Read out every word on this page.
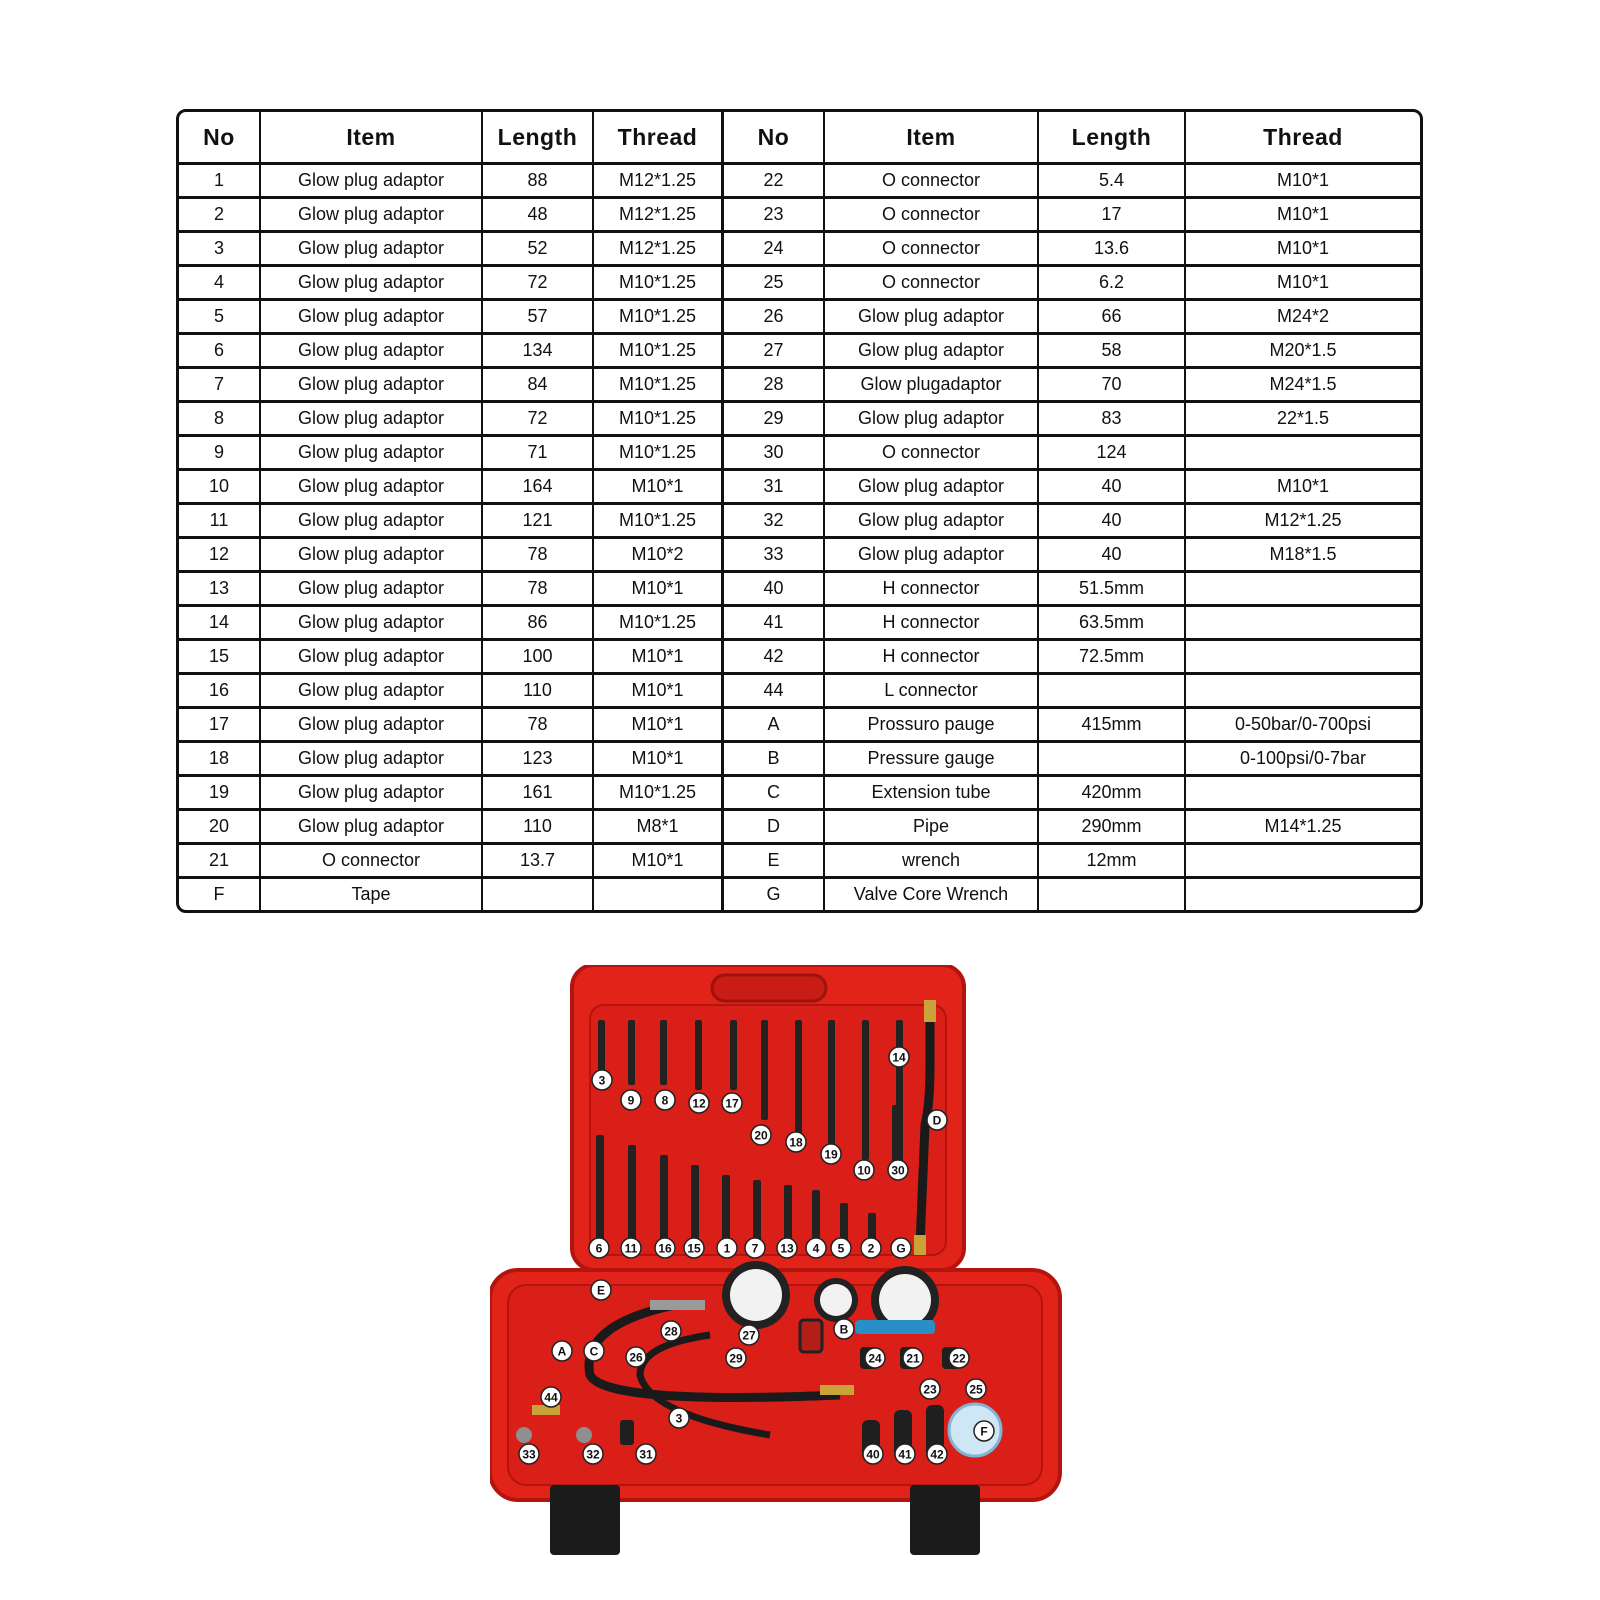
No	Item	Length	Thread	No	Item	Length	Thread
1	Glow plug adaptor	88	M12*1.25	22	O connector	5.4	M10*1
2	Glow plug adaptor	48	M12*1.25	23	O connector	17	M10*1
3	Glow plug adaptor	52	M12*1.25	24	O connector	13.6	M10*1
4	Glow plug adaptor	72	M10*1.25	25	O connector	6.2	M10*1
5	Glow plug adaptor	57	M10*1.25	26	Glow plug adaptor	66	M24*2
6	Glow plug adaptor	134	M10*1.25	27	Glow plug adaptor	58	M20*1.5
7	Glow plug adaptor	84	M10*1.25	28	Glow plugadaptor	70	M24*1.5
8	Glow plug adaptor	72	M10*1.25	29	Glow plug adaptor	83	22*1.5
9	Glow plug adaptor	71	M10*1.25	30	O connector	124	
10	Glow plug adaptor	164	M10*1	31	Glow plug adaptor	40	M10*1
11	Glow plug adaptor	121	M10*1.25	32	Glow plug adaptor	40	M12*1.25
12	Glow plug adaptor	78	M10*2	33	Glow plug adaptor	40	M18*1.5
13	Glow plug adaptor	78	M10*1	40	H connector	51.5mm	
14	Glow plug adaptor	86	M10*1.25	41	H connector	63.5mm	
15	Glow plug adaptor	100	M10*1	42	H connector	72.5mm	
16	Glow plug adaptor	110	M10*1	44	L connector		
17	Glow plug adaptor	78	M10*1	A	Prossuro pauge	415mm	0-50bar/0-700psi
18	Glow plug adaptor	123	M10*1	B	Pressure gauge		0-100psi/0-7bar
19	Glow plug adaptor	161	M10*1.25	C	Extension tube	420mm	
20	Glow plug adaptor	110	M8*1	D	Pipe	290mm	M14*1.25
21	O connector	13.7	M10*1	E	wrench	12mm	
F	Tape			G	Valve Core Wrench		
3
9 8 12 17
14
D
20 18
19
10 30
6 11 16 15 1 7 13 4 5 2 G
E
28	27	B
A C	26	29	24 21	22
23	25
44
3
F
33	32	31	40 41 42
